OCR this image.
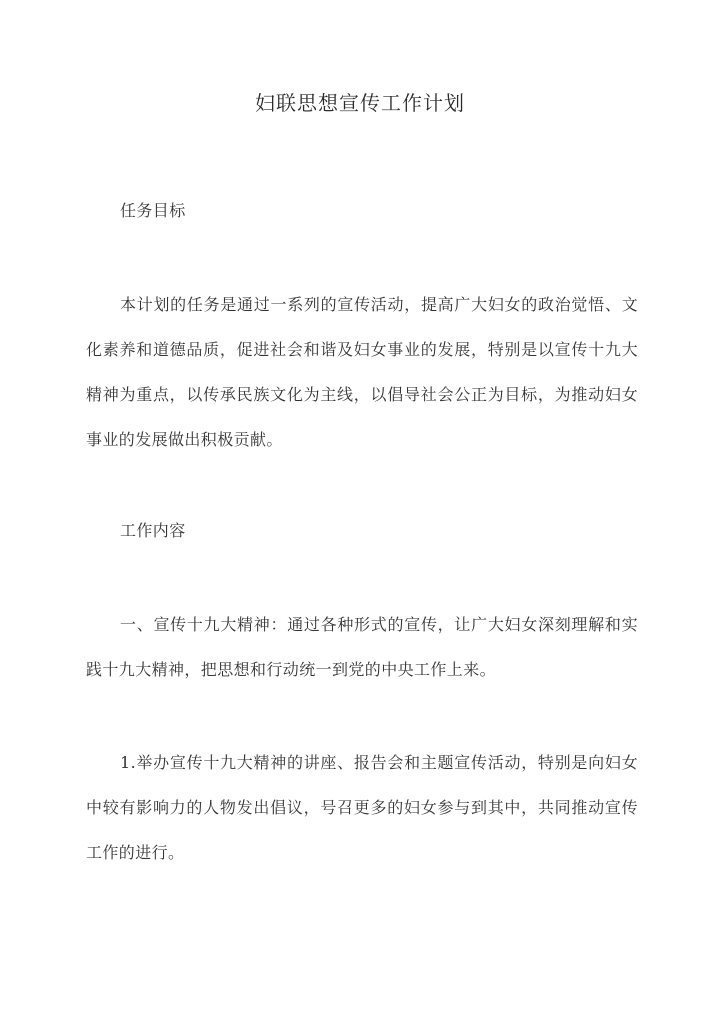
妇联思想宣传工作计划

任务目标

本计划的任务是通过一系列的宣传活动，提高广大妇女的政治觉悟、文化素养和道德品质，促进社会和谐及妇女事业的发展，特别是以宣传十九大精神为重点，以传承民族文化为主线，以倡导社会公正为目标，为推动妇女事业的发展做出积极贡献。

工作内容

一、宣传十九大精神：通过各种形式的宣传，让广大妇女深刻理解和实践十九大精神，把思想和行动统一到党的中央工作上来。

1.举办宣传十九大精神的讲座、报告会和主题宣传活动，特别是向妇女中较有影响力的人物发出倡议，号召更多的妇女参与到其中，共同推动宣传工作的进行。
